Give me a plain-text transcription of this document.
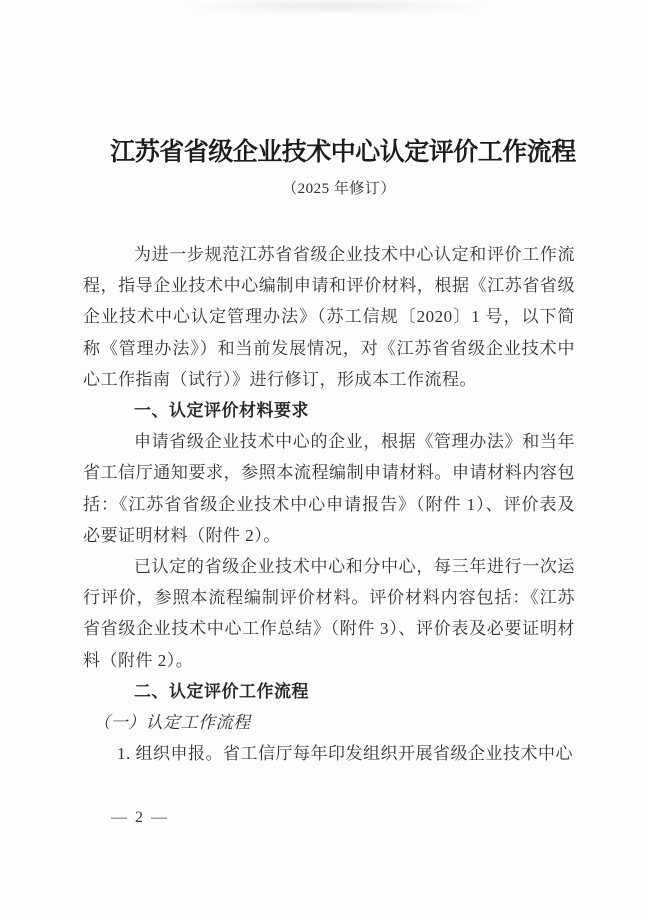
江苏省省级企业技术中心认定评价工作流程
（2025 年修订）

为进一步规范江苏省省级企业技术中心认定和评价工作流程，指导企业技术中心编制申请和评价材料，根据《江苏省省级企业技术中心认定管理办法》（苏工信规〔2020〕1 号，以下简称《管理办法》）和当前发展情况，对《江苏省省级企业技术中心工作指南（试行）》进行修订，形成本工作流程。

一、认定评价材料要求

申请省级企业技术中心的企业，根据《管理办法》和当年省工信厅通知要求，参照本流程编制申请材料。申请材料内容包括：《江苏省省级企业技术中心申请报告》（附件 1）、评价表及必要证明材料（附件 2）。

已认定的省级企业技术中心和分中心，每三年进行一次运行评价，参照本流程编制评价材料。评价材料内容包括：《江苏省省级企业技术中心工作总结》（附件 3）、评价表及必要证明材料（附件 2）。

二、认定评价工作流程

（一）认定工作流程

1. 组织申报。省工信厅每年印发组织开展省级企业技术中心

— 2 —
